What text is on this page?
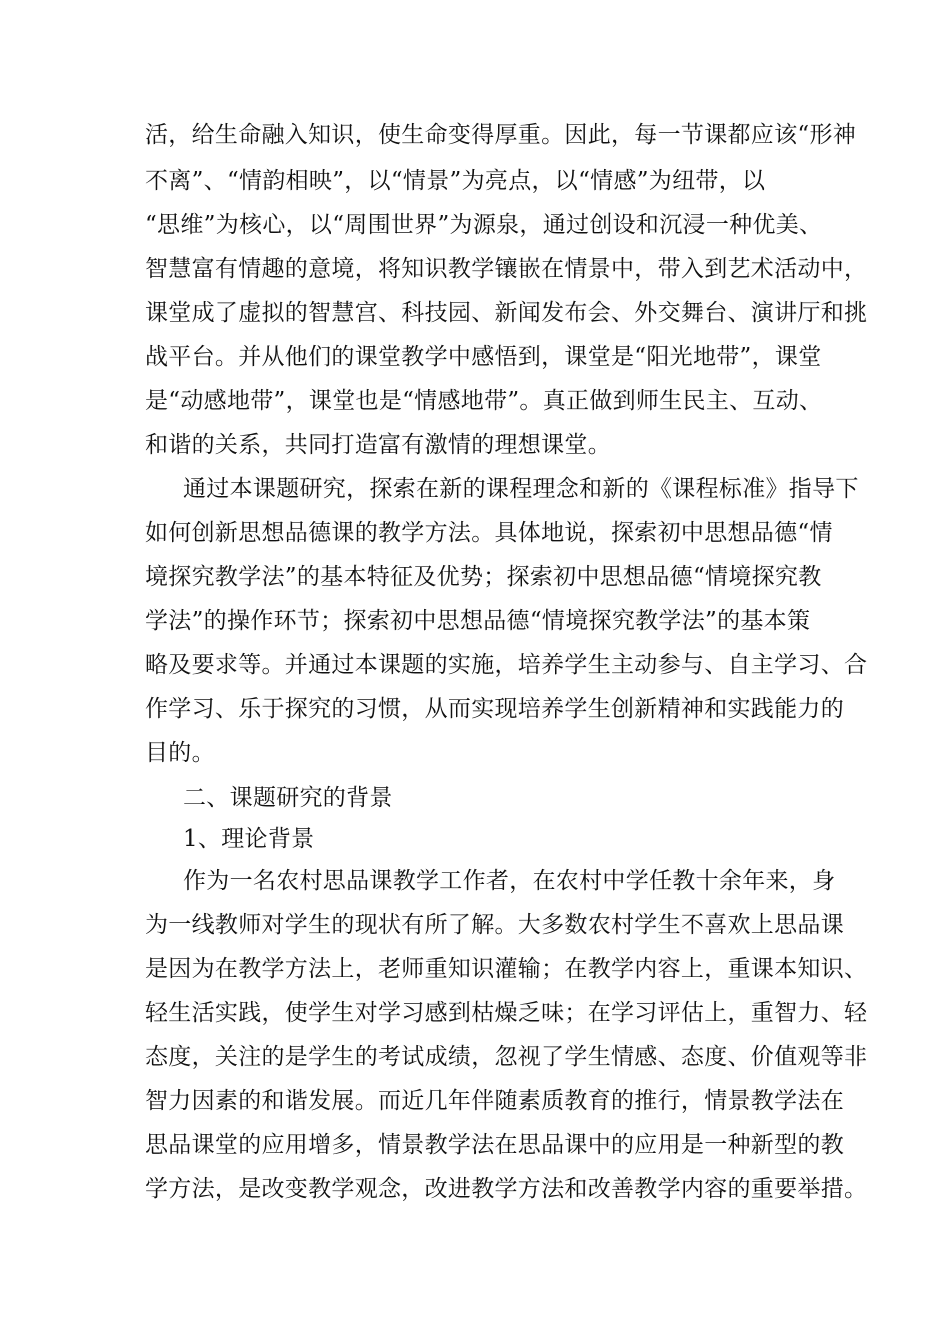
活，给生命融入知识，使生命变得厚重。因此，每一节课都应该“形神
不离”、“情韵相映”，以“情景”为亮点，以“情感”为纽带，以
“思维”为核心，以“周围世界”为源泉，通过创设和沉浸一种优美、
智慧富有情趣的意境，将知识教学镶嵌在情景中，带入到艺术活动中，
课堂成了虚拟的智慧宫、科技园、新闻发布会、外交舞台、演讲厅和挑
战平台。并从他们的课堂教学中感悟到，课堂是“阳光地带”，课堂
是“动感地带”，课堂也是“情感地带”。真正做到师生民主、互动、
和谐的关系，共同打造富有激情的理想课堂。
通过本课题研究，探索在新的课程理念和新的《课程标准》指导下
如何创新思想品德课的教学方法。具体地说，探索初中思想品德“情
境探究教学法”的基本特征及优势；探索初中思想品德“情境探究教
学法”的操作环节；探索初中思想品德“情境探究教学法”的基本策
略及要求等。并通过本课题的实施，培养学生主动参与、自主学习、合
作学习、乐于探究的习惯，从而实现培养学生创新精神和实践能力的
目的。
二、课题研究的背景
1、理论背景
作为一名农村思品课教学工作者，在农村中学任教十余年来，身
为一线教师对学生的现状有所了解。大多数农村学生不喜欢上思品课
是因为在教学方法上，老师重知识灌输；在教学内容上，重课本知识、
轻生活实践，使学生对学习感到枯燥乏味；在学习评估上，重智力、轻
态度，关注的是学生的考试成绩，忽视了学生情感、态度、价值观等非
智力因素的和谐发展。而近几年伴随素质教育的推行，情景教学法在
思品课堂的应用增多，情景教学法在思品课中的应用是一种新型的教
学方法，是改变教学观念，改进教学方法和改善教学内容的重要举措。
